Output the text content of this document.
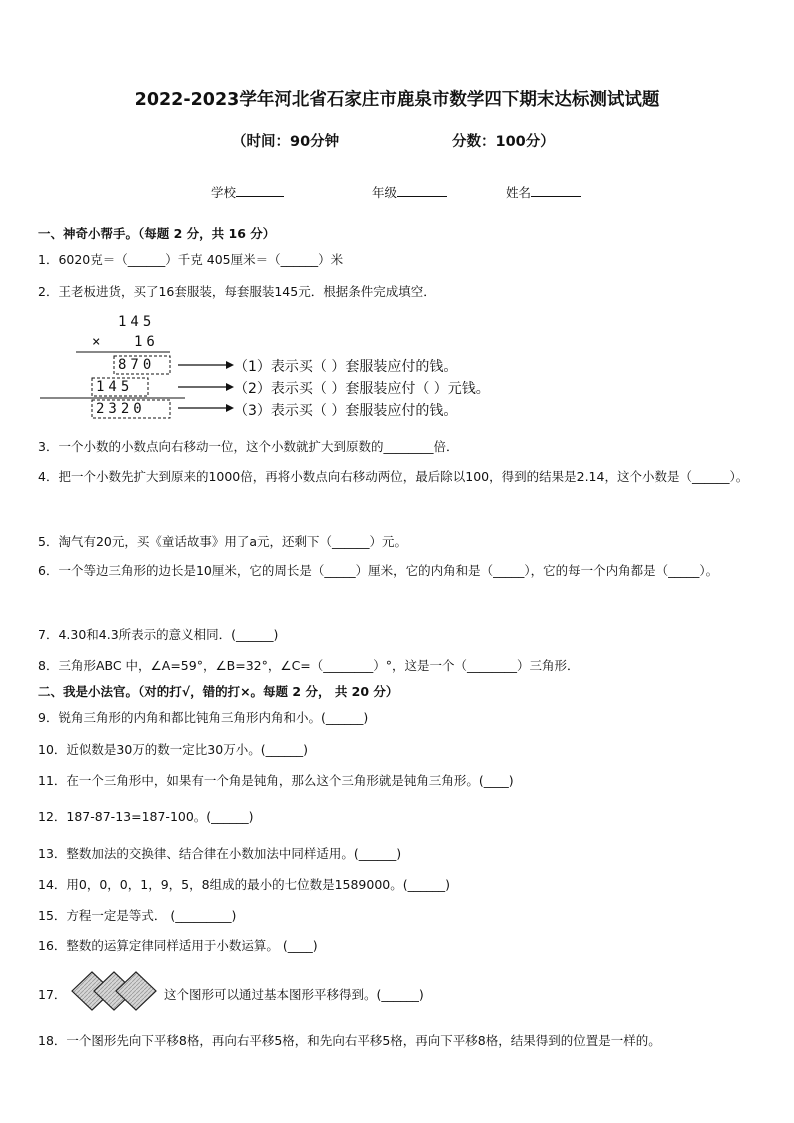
2022-2023学年河北省石家庄市鹿泉市数学四下期末达标测试试题
（时间：90分钟	分数：100分）
学校	年级	姓名
一、神奇小帮手。（每题 2 分，共 16 分）
1．6020克＝（______）千克 405厘米＝（______）米
2．王老板进货，买了16套服装，每套服装145元．根据条件完成填空．
145
× 16
870
145
2320
（1）表示买（ ）套服装应付的钱。
（2）表示买（ ）套服装应付（ ）元钱。
（3）表示买（ ）套服装应付的钱。
3．一个小数的小数点向右移动一位，这个小数就扩大到原数的________倍．
4．把一个小数先扩大到原来的1000倍，再将小数点向右移动两位，最后除以100，得到的结果是2.14，这个小数是（______）。
5．淘气有20元，买《童话故事》用了a元，还剩下（______）元。
6．一个等边三角形的边长是10厘米，它的周长是（_____）厘米，它的内角和是（_____），它的每一个内角都是（_____）。
7．4.30和4.3所表示的意义相同．(______)
8．三角形ABC 中，∠A=59°，∠B=32°，∠C=（________）°，这是一个（________）三角形．
二、我是小法官。（对的打√，错的打×。每题 2 分， 共 20 分）
9．锐角三角形的内角和都比钝角三角形内角和小。(______)
10．近似数是30万的数一定比30万小。(______)
11．在一个三角形中，如果有一个角是钝角，那么这个三角形就是钝角三角形。(____)
12．187-87-13=187-100。(______)
13．整数加法的交换律、结合律在小数加法中同样适用。(______)
14．用0，0，0，1，9，5，8组成的最小的七位数是1589000。(______)
15．方程一定是等式． (_________)
16．整数的运算定律同样适用于小数运算。 (____)
17．	这个图形可以通过基本图形平移得到。(______)
18．一个图形先向下平移8格，再向右平移5格，和先向右平移5格，再向下平移8格，结果得到的位置是一样的。
